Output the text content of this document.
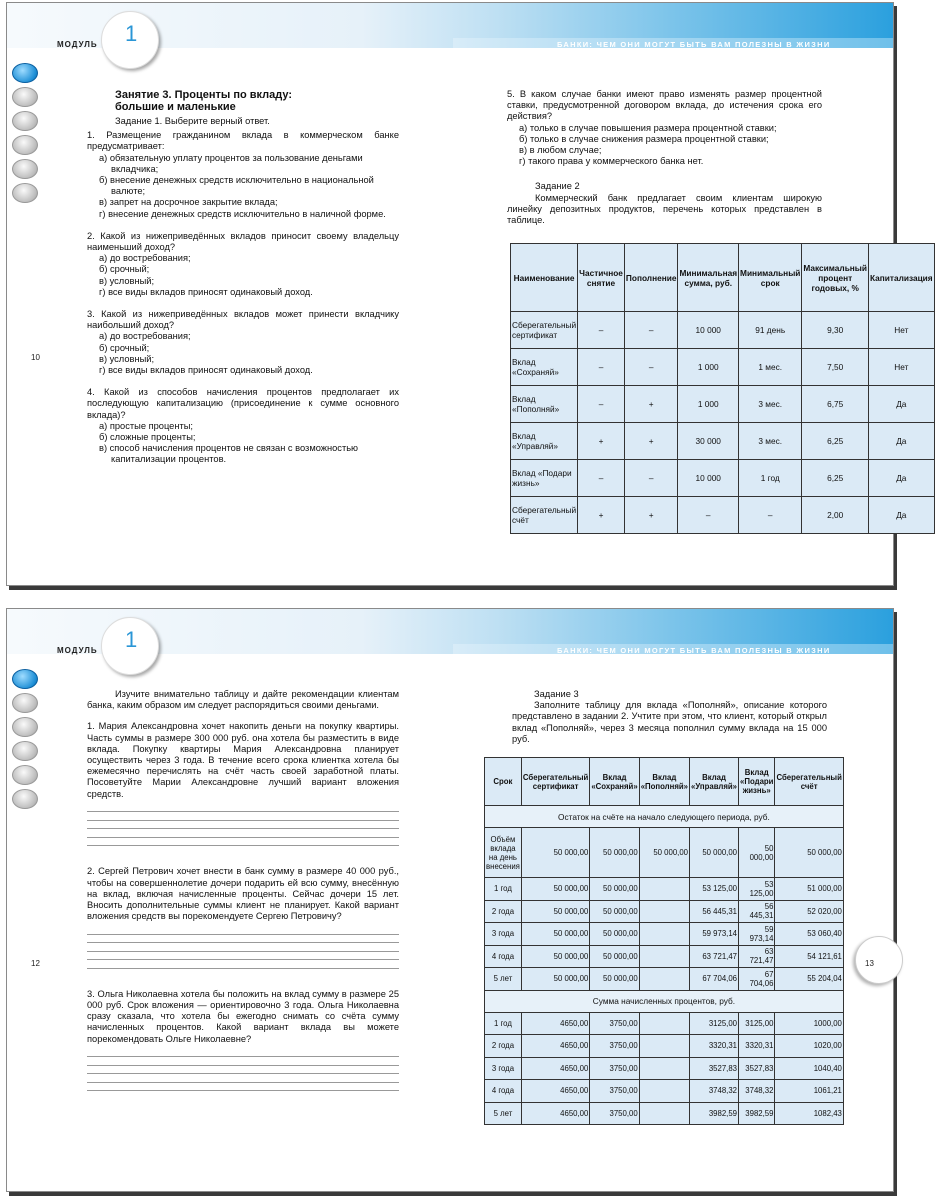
МОДУЛЬ 1	БАНКИ: ЧЕМ ОНИ МОГУТ БЫТЬ ВАМ ПОЛЕЗНЫ В ЖИЗНИ
10

Занятие 3. Проценты по вкладу:

большие и маленькие

Задание 1. Выберите верный ответ.

1. Размещение гражданином вклада в коммерческом банке предусматривает:

а) обязательную уплату процентов за пользование деньгами вкладчика;

б) внесение денежных средств исключительно в национальной валюте;

в) запрет на досрочное закрытие вклада;

г) внесение денежных средств исключительно в наличной форме.

2. Какой из нижеприведённых вкладов приносит своему владельцу наименьший доход?

а) до востребования;

б) срочный;

в) условный;

г) все виды вкладов приносят одинаковый доход.

3. Какой из нижеприведённых вкладов может принести вкладчику наибольший доход?

а) до востребования;

б) срочный;

в) условный;

г) все виды вкладов приносят одинаковый доход.

4. Какой из способов начисления процентов предполагает их последующую капитализацию (присоединение к сумме основного вклада)?

а) простые проценты;

б) сложные проценты;

в) способ начисления процентов не связан с возможностью капитализации процентов.

5. В каком случае банки имеют право изменять размер процентной ставки, предусмотренной договором вклада, до истечения срока его действия?

а) только в случае повышения размера процентной ставки;

б) только в случае снижения размера процентной ставки;

в) в любом случае;

г) такого права у коммерческого банка нет.

Задание 2

Коммерческий банк предлагает своим клиентам широкую линейку депозитных продуктов, перечень которых представлен в таблице.

Наименование	Частичное снятие	Пополнение	Минимальная сумма, руб.	Минимальный срок	Максимальный процент годовых, %	Капитализация
Сберегательный сертификат	–	–	10 000	91 день	9,30	Нет
Вклад «Сохраняй»	–	–	1 000	1 мес.	7,50	Нет
Вклад «Пополняй»	–	+	1 000	3 мес.	6,75	Да
Вклад «Управляй»	+	+	30 000	3 мес.	6,25	Да
Вклад «Подари жизнь»	–	–	10 000	1 год	6,25	Да
Сберегательный счёт	+	+	–	–	2,00	Да
МОДУЛЬ 1	БАНКИ: ЧЕМ ОНИ МОГУТ БЫТЬ ВАМ ПОЛЕЗНЫ В ЖИЗНИ
12	13

Изучите внимательно таблицу и дайте рекомендации клиентам банка, каким образом им следует распорядиться своими деньгами.

1. Мария Александровна хочет накопить деньги на покупку квартиры. Часть суммы в размере 300 000 руб. она хотела бы разместить в виде вклада. Покупку квартиры Мария Александровна планирует осуществить через 3 года. В течение всего срока клиентка хотела бы ежемесячно перечислять на счёт часть своей заработной платы. Посоветуйте Марии Александровне лучший вариант вложения средств.

2. Сергей Петрович хочет внести в банк сумму в размере 40 000 руб., чтобы на совершеннолетие дочери подарить ей всю сумму, внесённую на вклад, включая начисленные проценты. Сейчас дочери 15 лет. Вносить дополнительные суммы клиент не планирует. Какой вариант вложения средств вы порекомендуете Сергею Петровичу?

3. Ольга Николаевна хотела бы положить на вклад сумму в размере 25 000 руб. Срок вложения — ориентировочно 3 года. Ольга Николаевна сразу сказала, что хотела бы ежегодно снимать со счёта сумму начисленных процентов. Какой вариант вклада вы можете порекомендовать Ольге Николаевне?

Задание 3

Заполните таблицу для вклада «Пополняй», описание которого представлено в задании 2. Учтите при этом, что клиент, который открыл вклад «Пополняй», через 3 месяца пополнил сумму вклада на 15 000 руб.

Срок	Сберегательный сертификат	Вклад «Сохраняй»	Вклад «Пополняй»	Вклад «Управляй»	Вклад «Подари жизнь»	Сберегательный счёт
Остаток на счёте на начало следующего периода, руб.						
Объём вклада на день внесения	50 000,00	50 000,00	50 000,00	50 000,00	50 000,00	50 000,00
1 год	50 000,00	50 000,00		53 125,00	53 125,00	51 000,00
2 года	50 000,00	50 000,00		56 445,31	56 445,31	52 020,00
3 года	50 000,00	50 000,00		59 973,14	59 973,14	53 060,40
4 года	50 000,00	50 000,00		63 721,47	63 721,47	54 121,61
5 лет	50 000,00	50 000,00		67 704,06	67 704,06	55 204,04
Сумма начисленных процентов, руб.						
1 год	4650,00	3750,00		3125,00	3125,00	1000,00
2 года	4650,00	3750,00		3320,31	3320,31	1020,00
3 года	4650,00	3750,00		3527,83	3527,83	1040,40
4 года	4650,00	3750,00		3748,32	3748,32	1061,21
5 лет	4650,00	3750,00		3982,59	3982,59	1082,43
